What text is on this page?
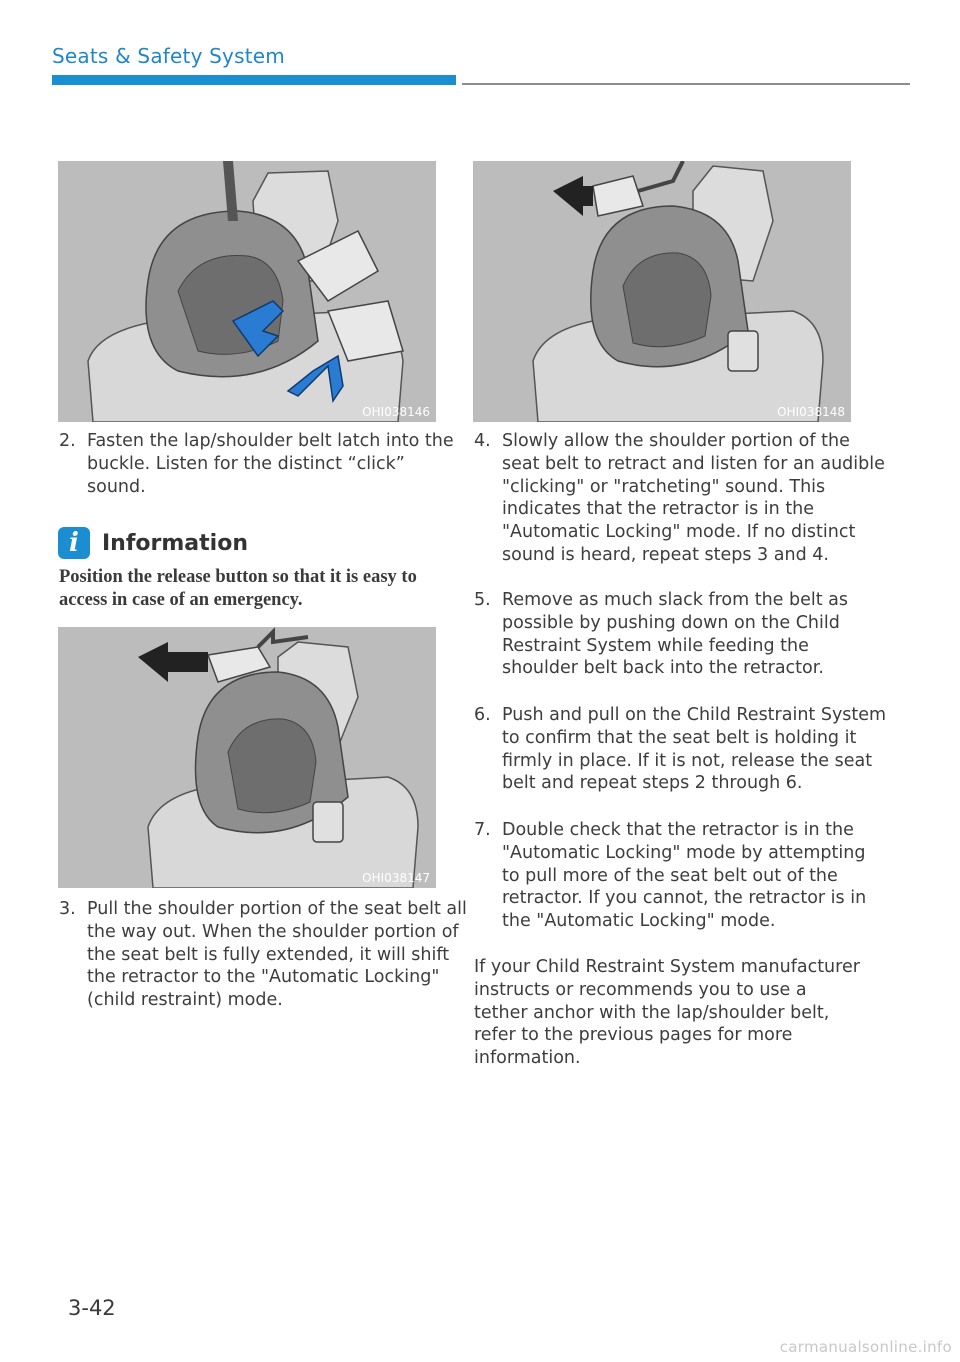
Seats & Safety System
OHI038146

2. Fasten the lap/shoulder belt latch into the buckle. Listen for the distinct “click” sound.

i	Information

Position the release button so that it is easy to access in case of an emergency.

OHI038147

3. Pull the shoulder portion of the seat belt all the way out. When the shoulder portion of the seat belt is fully extended, it will shift the retractor to the "Automatic Locking" (child restraint) mode.

OHI038148

4. Slowly allow the shoulder portion of the seat belt to retract and listen for an audible "clicking" or "ratcheting" sound. This indicates that the retractor is in the "Automatic Locking" mode. If no distinct sound is heard, repeat steps 3 and 4.

5. Remove as much slack from the belt as possible by pushing down on the Child Restraint System while feeding the shoulder belt back into the retractor.

6. Push and pull on the Child Restraint System to confirm that the seat belt is holding it firmly in place. If it is not, release the seat belt and repeat steps 2 through 6.

7. Double check that the retractor is in the "Automatic Locking" mode by attempting to pull more of the seat belt out of the retractor. If you cannot, the retractor is in the "Automatic Locking" mode.

If your Child Restraint System manufacturer instructs or recommends you to use a tether anchor with the lap/shoulder belt, refer to the previous pages for more information.

3-42
carmanualsonline.info
